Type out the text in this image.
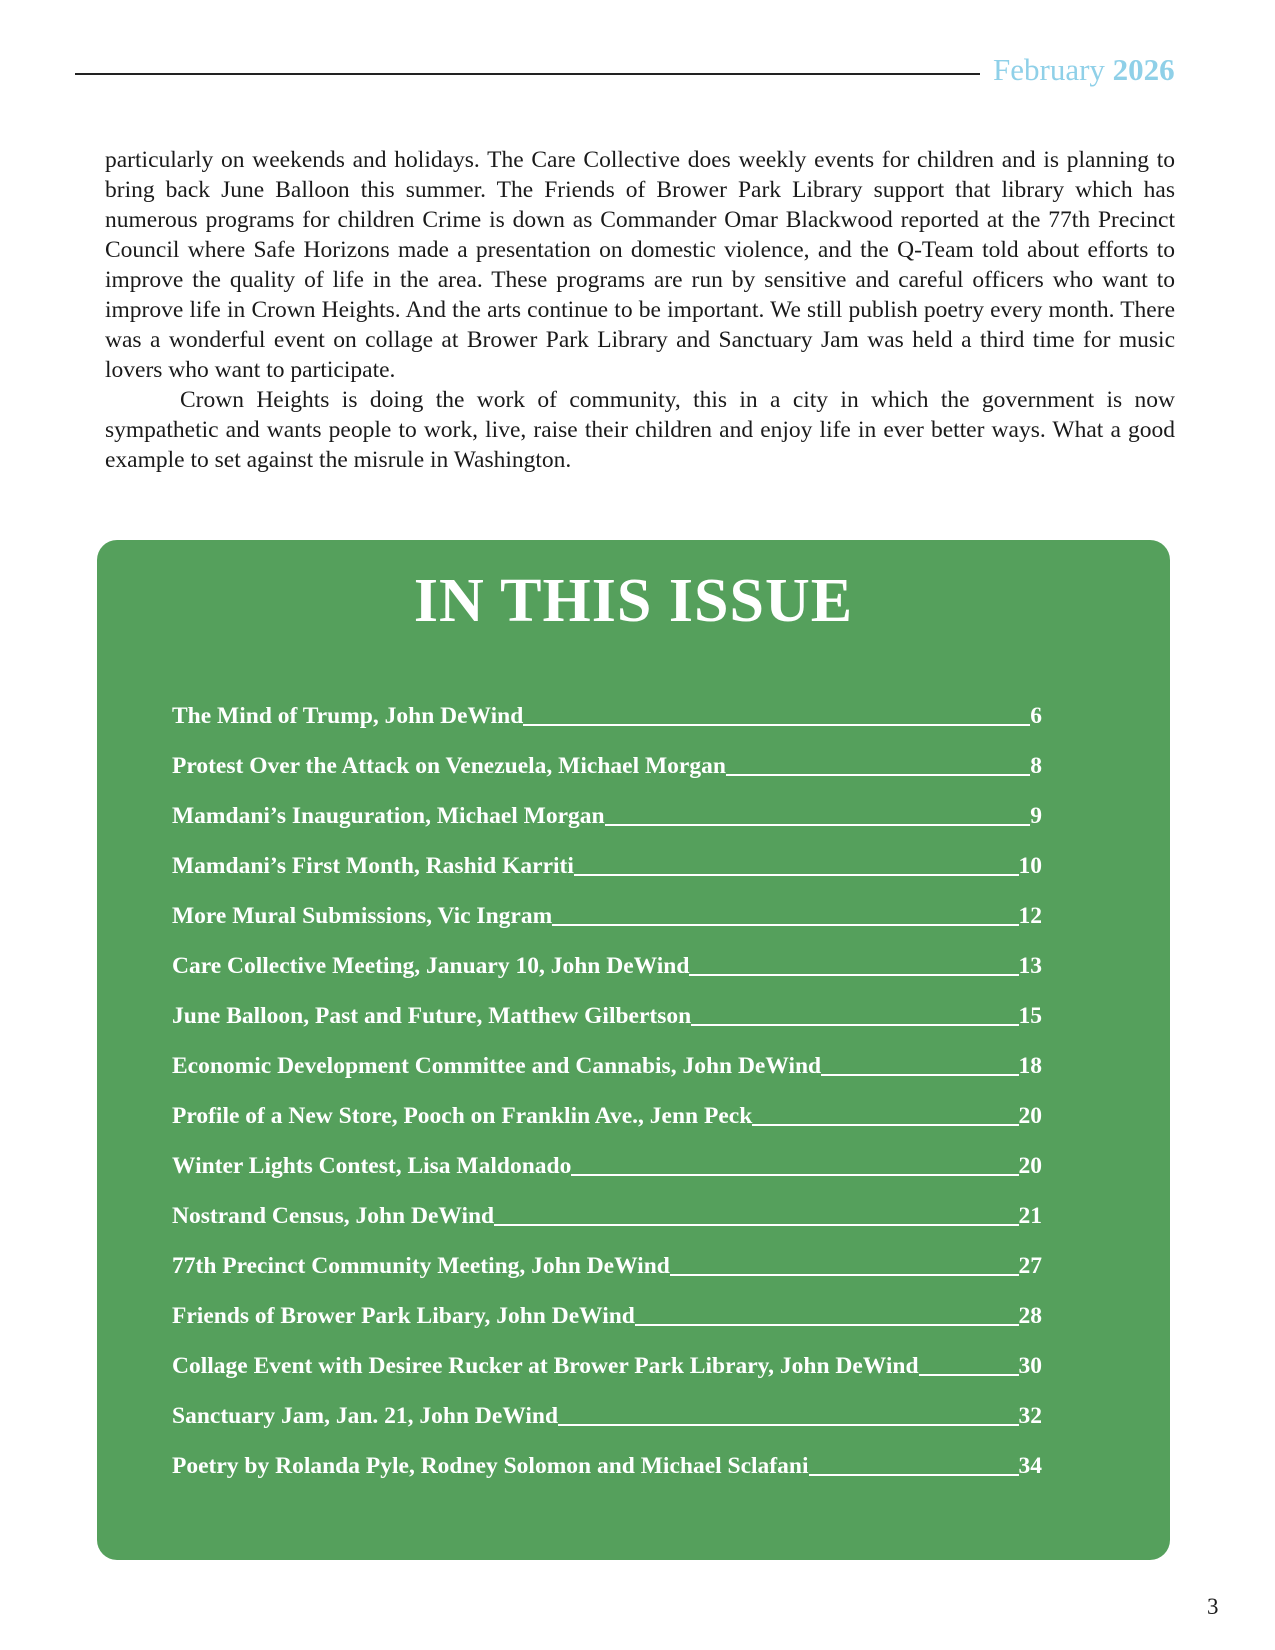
February 2026

particularly on weekends and holidays. The Care Collective does weekly events for children and is planning to bring back June Balloon this summer. The Friends of Brower Park Library support that library which has numerous programs for children Crime is down as Commander Omar Blackwood reported at the 77th Precinct Council where Safe Horizons made a presentation on domestic violence, and the Q-Team told about efforts to improve the quality of life in the area. These programs are run by sensitive and careful officers who want to improve life in Crown Heights. And the arts continue to be important. We still publish poetry every month. There was a wonderful event on collage at Brower Park Library and Sanctuary Jam was held a third time for music lovers who want to participate.

Crown Heights is doing the work of community, this in a city in which the government is now sympathetic and wants people to work, live, raise their children and enjoy life in ever better ways. What a good example to set against the misrule in Washington.

IN THIS ISSUE
The Mind of Trump, John DeWind	6
Protest Over the Attack on Venezuela, Michael Morgan	8
Mamdani’s Inauguration, Michael Morgan	9
Mamdani’s First Month, Rashid Karriti	10
More Mural Submissions, Vic Ingram	12
Care Collective Meeting, January 10, John DeWind	13
June Balloon, Past and Future, Matthew Gilbertson	15
Economic Development Committee and Cannabis, John DeWind	18
Profile of a New Store, Pooch on Franklin Ave., Jenn Peck	20
Winter Lights Contest, Lisa Maldonado	20
Nostrand Census, John DeWind	21
77th Precinct Community Meeting, John DeWind	27
Friends of Brower Park Libary, John DeWind	28
Collage Event with Desiree Rucker at Brower Park Library, John DeWind	30
Sanctuary Jam, Jan. 21, John DeWind	32
Poetry by Rolanda Pyle, Rodney Solomon and Michael Sclafani	34
3
